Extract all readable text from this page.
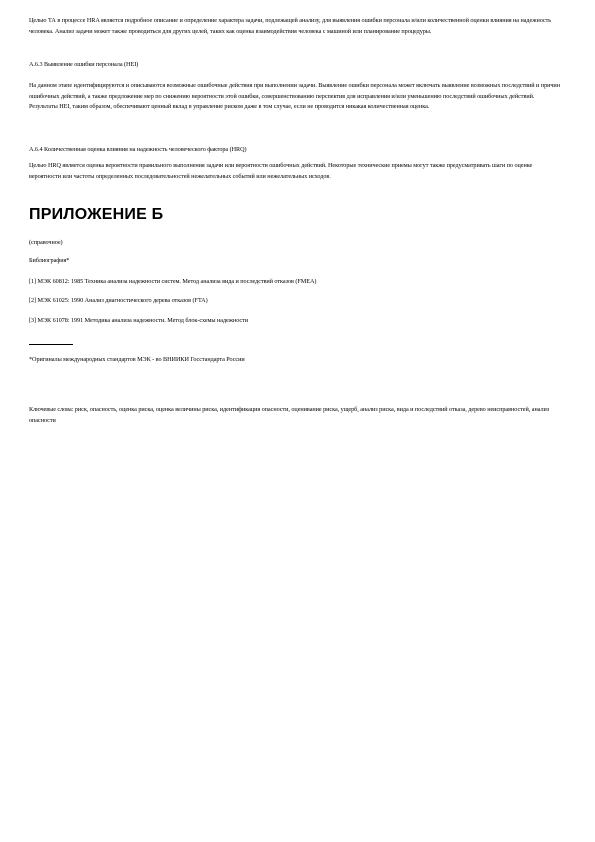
Целью ТА в процессе HRA является подробное описание и определение характера задачи, подлежащей анализу, для выявления ошибки персонала и/или количественной оценки влияния на надежность человека. Анализ задачи может также проводиться для других целей, таких как оценка взаимодействия человека с машиной или планирование процедуры.

А.6.3 Выявление ошибки персонала (HEI)

На данном этапе идентифицируются и описываются возможные ошибочные действия при выполнении задачи. Выявление ошибки персонала может включать выявление возможных последствий и причин ошибочных действий, а также предложение мер по снижению вероятности этой ошибки, совершенствованию перспектив для исправления и/или уменьшению последствий ошибочных действий. Результаты HEI, таким образом, обеспечивают ценный вклад в управление риском даже в том случае, если не проводится никакая количественная оценка.

А.6.4 Количественная оценка влияния на надежность человеческого фактора (HRQ)

Целью HRQ является оценка вероятности правильного выполнения задачи или вероятности ошибочных действий. Некоторые технические приемы могут также предусматривать шаги по оценке вероятности или частоты определенных последовательностей нежелательных событий или нежелательных исходов.

ПРИЛОЖЕНИЕ Б

(справочное)

Библиография*

[1] МЭК 60812: 1985 Техника анализа надежности систем. Метод анализа вида и последствий отказов (FMEA)

[2] МЭК 61025: 1990 Анализ диагностического дерева отказов (FTA)

[3] МЭК 61078: 1991 Методика анализа надежности. Метод блок-схемы надежности

*Оригиналы международных стандартов МЭК - во ВНИИКИ Госстандарта России

Ключевые слова: риск, опасность, оценка риска, оценка величины риска, идентификация опасности, оценивание риска, ущерб, анализ риска, вида и последствий отказа, дерево неисправностей, анализ опасности
